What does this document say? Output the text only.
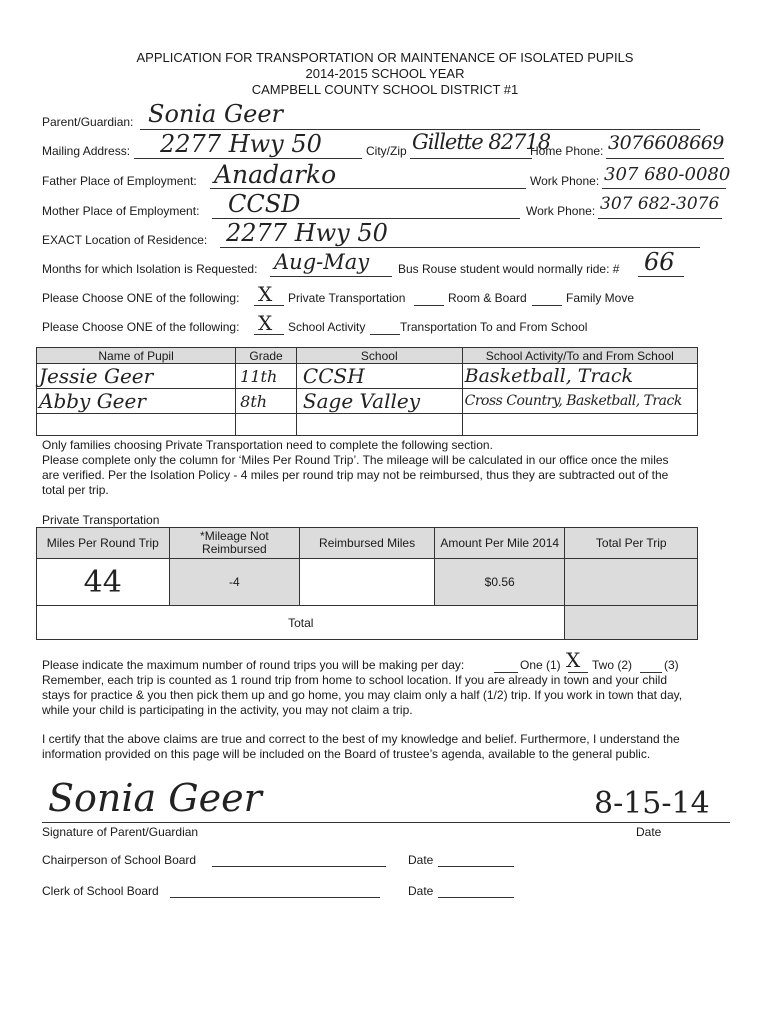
APPLICATION FOR TRANSPORTATION OR MAINTENANCE OF ISOLATED PUPILS
2014-2015 SCHOOL YEAR
CAMPBELL COUNTY SCHOOL DISTRICT #1
Parent/Guardian: Sonia Geer
Mailing Address: 2277 Hwy 50	City/Zip Gillette 82718
Home Phone: 3076608669
Father Place of Employment: Anadarko	Work Phone: 307 680-0080
Mother Place of Employment: CCSD	Work Phone: 307 682-3076
EXACT Location of Residence: 2277 Hwy 50
Months for which Isolation is Requested: Aug-May Bus Rouse student would normally ride: # 66
Please Choose ONE of the following: X Private Transportation	Room & Board	Family Move
Please Choose ONE of the following: X School Activity	Transportation To and From School
Name of Pupil	Grade	School	School Activity/To and From School
Jessie Geer	11th	CCSH	Basketball, Track
Abby Geer	8th	Sage Valley	Cross Country, Basketball, Track

Only families choosing Private Transportation need to complete the following section.
Please complete only the column for ‘Miles Per Round Trip’. The mileage will be calculated in our office once the miles
are verified. Per the Isolation Policy - 4 miles per round trip may not be reimbursed, thus they are subtracted out of the
total per trip.
Private Transportation
Miles Per Round Trip	*Mileage Not Reimbursed	Reimbursed Miles	Amount Per Mile 2014	Total Per Trip
44	-4		$0.56	
Total				
Please indicate the maximum number of round trips you will be making per day:	One (1) X Two (2)	(3)
Remember, each trip is counted as 1 round trip from home to school location. If you are already in town and your child
stays for practice & you then pick them up and go home, you may claim only a half (1/2) trip. If you work in town that day,
while your child is participating in the activity, you may not claim a trip.
I certify that the above claims are true and correct to the best of my knowledge and belief. Furthermore, I understand the
information provided on this page will be included on the Board of trustee’s agenda, available to the general public.
Sonia Geer	8-15-14
Signature of Parent/Guardian	Date
Chairperson of School Board	Date
Clerk of School Board	Date
